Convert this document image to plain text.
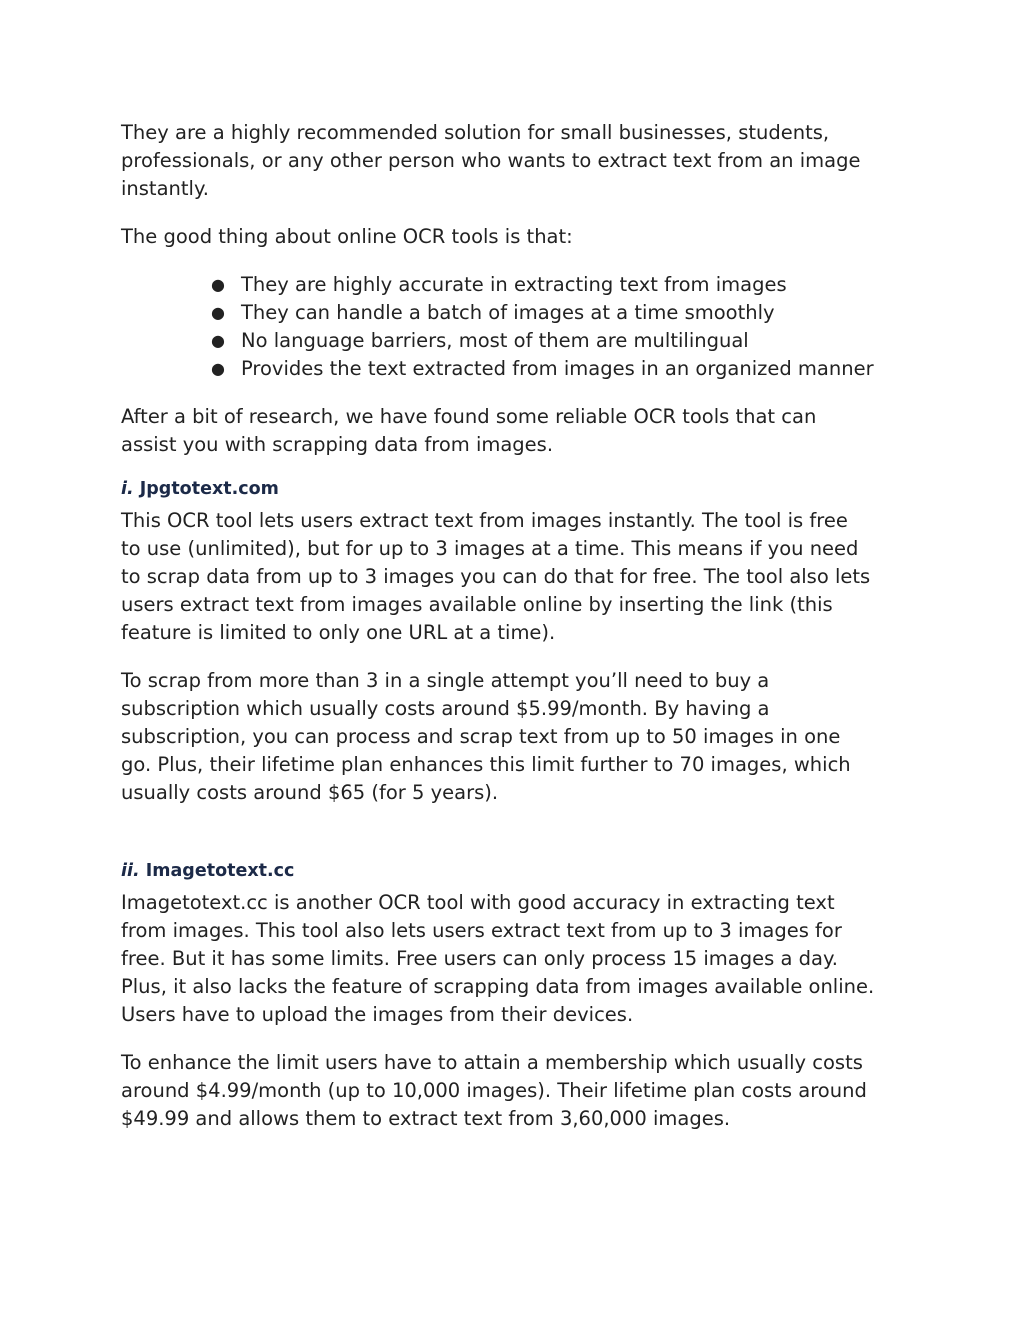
They are a highly recommended solution for small businesses, students,
professionals, or any other person who wants to extract text from an image
instantly.

The good thing about online OCR tools is that:

● They are highly accurate in extracting text from images
● They can handle a batch of images at a time smoothly
● No language barriers, most of them are multilingual
● Provides the text extracted from images in an organized manner

After a bit of research, we have found some reliable OCR tools that can
assist you with scrapping data from images.

i. Jpgtotext.com

This OCR tool lets users extract text from images instantly. The tool is free
to use (unlimited), but for up to 3 images at a time. This means if you need
to scrap data from up to 3 images you can do that for free. The tool also lets
users extract text from images available online by inserting the link (this
feature is limited to only one URL at a time).

To scrap from more than 3 in a single attempt you’ll need to buy a
subscription which usually costs around $5.99/month. By having a
subscription, you can process and scrap text from up to 50 images in one
go. Plus, their lifetime plan enhances this limit further to 70 images, which
usually costs around $65 (for 5 years).

ii. Imagetotext.cc

Imagetotext.cc is another OCR tool with good accuracy in extracting text
from images. This tool also lets users extract text from up to 3 images for
free. But it has some limits. Free users can only process 15 images a day.
Plus, it also lacks the feature of scrapping data from images available online.
Users have to upload the images from their devices.

To enhance the limit users have to attain a membership which usually costs
around $4.99/month (up to 10,000 images). Their lifetime plan costs around
$49.99 and allows them to extract text from 3,60,000 images.
